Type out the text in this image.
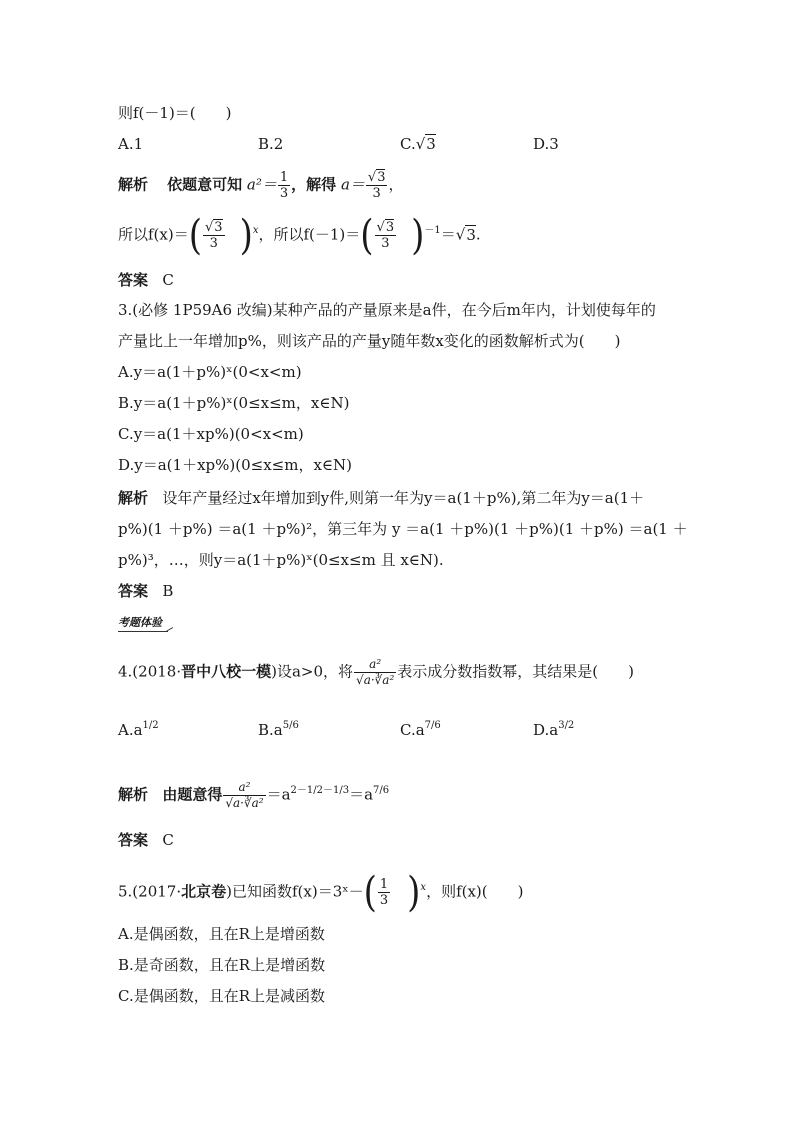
则f(－1)＝(　　)
A.1	B.2	C.√3	D.3
解析 依题意可知 $a^2= \frac{1}{3}$ ，解得 $a= \frac{√3}{3}$ ，
所以$f(x)=( \frac{√3}{3} )^x$，所以$f(-1)=( \frac{√3}{3} )^{-1}=√3$.
答案 C
3.(必修 1P59A6 改编)某种产品的产量原来是a件，在今后m年内，计划使每年的
产量比上一年增加p%，则该产品的产量y随年数x变化的函数解析式为(　　)
A.y＝a(1＋p%)ˣ(0<x<m)
B.y＝a(1＋p%)ˣ(0≤x≤m，x∈N)
C.y＝a(1＋xp%)(0<x<m)
D.y＝a(1＋xp%)(0≤x≤m，x∈N)
解析 设年产量经过x年增加到y件,则第一年为y＝a(1＋p%),第二年为y＝a(1＋
p%)(1 ＋p%) ＝a(1 ＋p%)²，第三年为 y ＝a(1 ＋p%)(1 ＋p%)(1 ＋p%) ＝a(1 ＋
p%)³，…，则y＝a(1＋p%)ˣ(0≤x≤m 且 x∈N).
答案 B
考题体验
4.(2018·晋中八校一模)设a>0，将 $\frac{\text{a²}}{\text{√a·∛a²}}$ 表示成分数指数幂，其结果是(　　)
$A.a^{1/2}$	$B.a^{5/6}$	$C.a^{7/6}$	$D.a^{3/2}$
解析 由题意得 $\frac{\text{a²}}{\text{√a·∛a²}} =a^{2-1/2-1/3}=a^{7/6}$
答案 C
5.(2017·北京卷)已知函数f(x)＝3ˣ－( $\frac{1}{3} )^x$，则f(x)(　　)
A.是偶函数，且在R上是增函数
B.是奇函数，且在R上是增函数
C.是偶函数，且在R上是减函数
